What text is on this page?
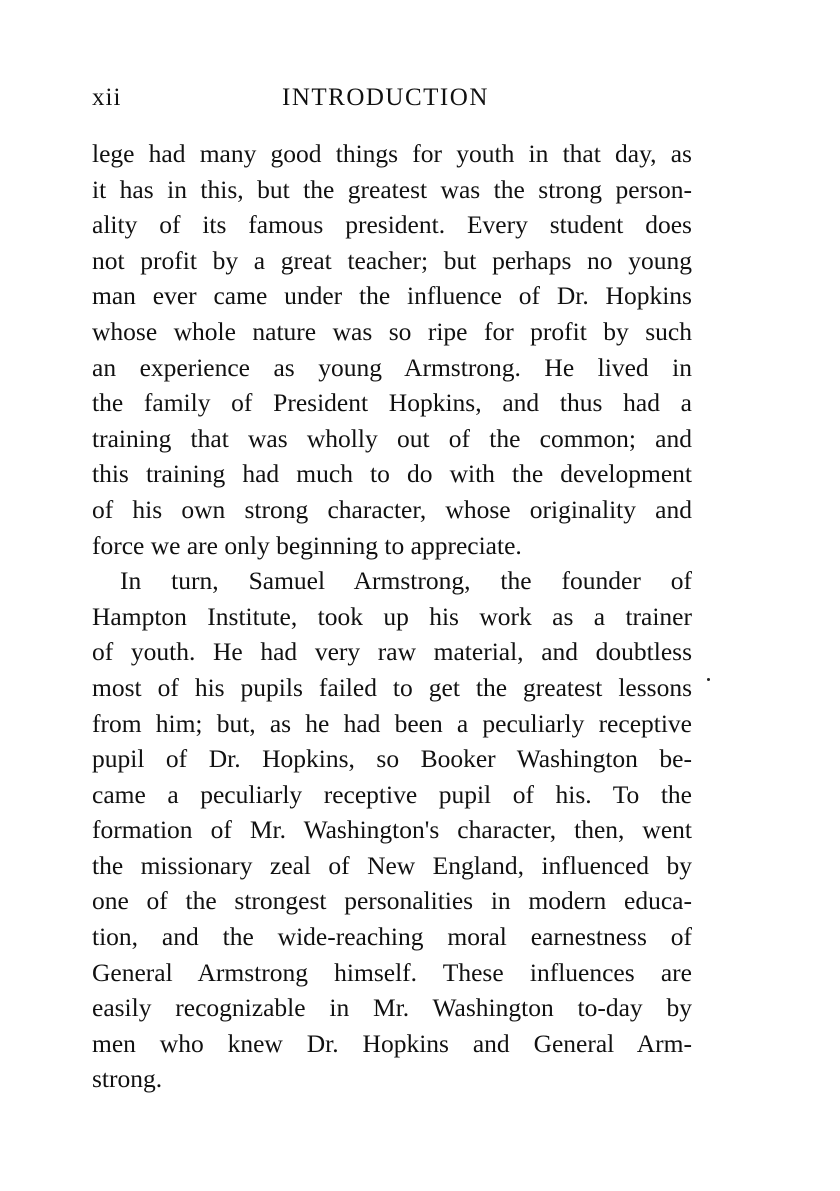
xii	INTRODUCTION
lege had many good things for youth in that day, as
it has in this, but the greatest was the strong person-
ality of its famous president. Every student does
not profit by a great teacher; but perhaps no young
man ever came under the influence of Dr. Hopkins
whose whole nature was so ripe for profit by such
an experience as young Armstrong. He lived in
the family of President Hopkins, and thus had a
training that was wholly out of the common; and
this training had much to do with the development
of his own strong character, whose originality and
force we are only beginning to appreciate.
In turn, Samuel Armstrong, the founder of
Hampton Institute, took up his work as a trainer
of youth. He had very raw material, and doubtless
most of his pupils failed to get the greatest lessons
from him; but, as he had been a peculiarly receptive
pupil of Dr. Hopkins, so Booker Washington be-
came a peculiarly receptive pupil of his. To the
formation of Mr. Washington's character, then, went
the missionary zeal of New England, influenced by
one of the strongest personalities in modern educa-
tion, and the wide-reaching moral earnestness of
General Armstrong himself. These influences are
easily recognizable in Mr. Washington to-day by
men who knew Dr. Hopkins and General Arm-
strong.
